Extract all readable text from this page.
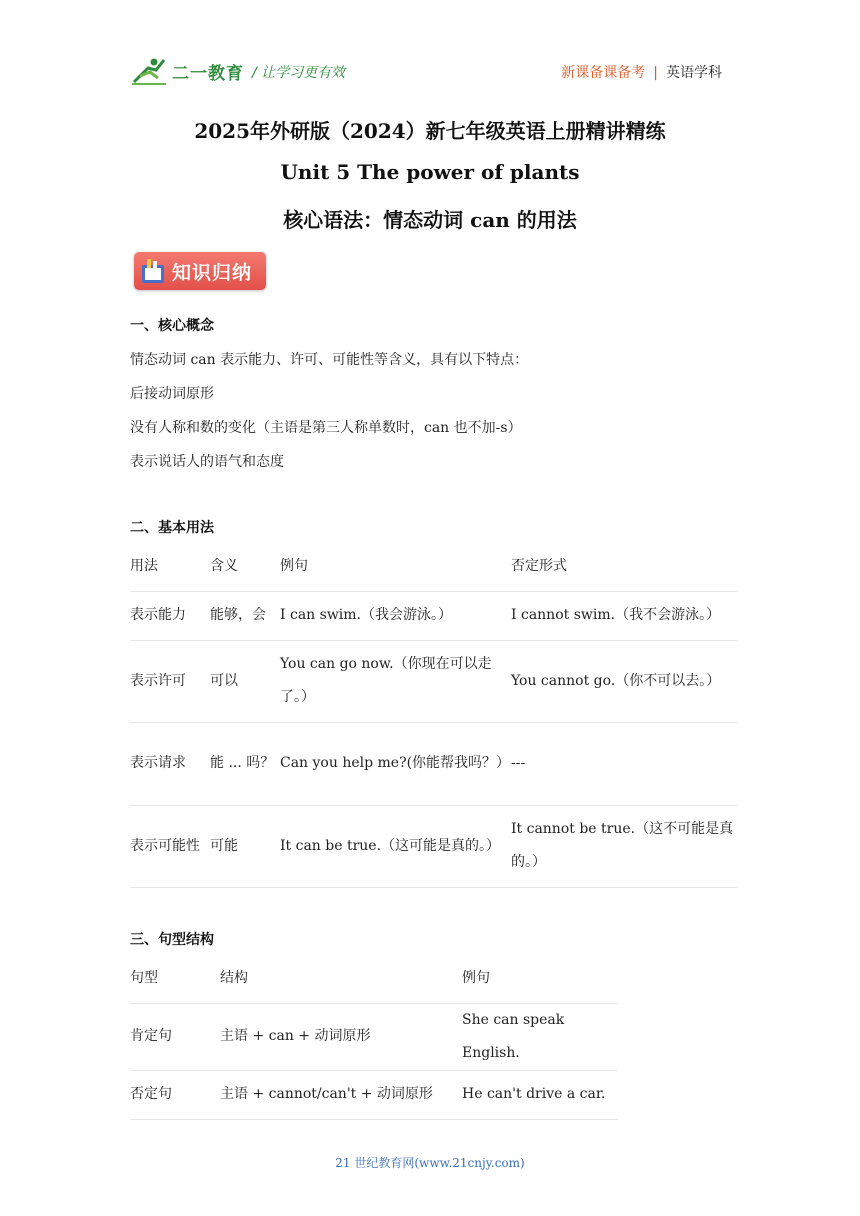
二一教育 / 让学习更有效	新课备课备考 | 英语学科
2025年外研版（2024）新七年级英语上册精讲精练
Unit 5 The power of plants
核心语法：情态动词 can 的用法
知识归纳
一、核心概念
情态动词 can 表示能力、许可、可能性等含义，具有以下特点：
后接动词原形
没有人称和数的变化（主语是第三人称单数时，can 也不加-s）
表示说话人的语气和态度
二、基本用法
用法	含义	例句	否定形式
表示能力	能够，会	I can swim.（我会游泳。）	I cannot swim.（我不会游泳。）
表示许可	可以	You can go now.（你现在可以走了。）	You cannot go.（你不可以去。）
表示请求	能 ... 吗？	Can you help me?(你能帮我吗？）	---
表示可能性	可能	It can be true.（这可能是真的。）	It cannot be true.（这不可能是真的。）
三、句型结构
句型	结构	例句
肯定句	主语 + can + 动词原形	She can speak English.
否定句	主语 + cannot/can't + 动词原形	He can't drive a car.
21 世纪教育网(www.21cnjy.com)
